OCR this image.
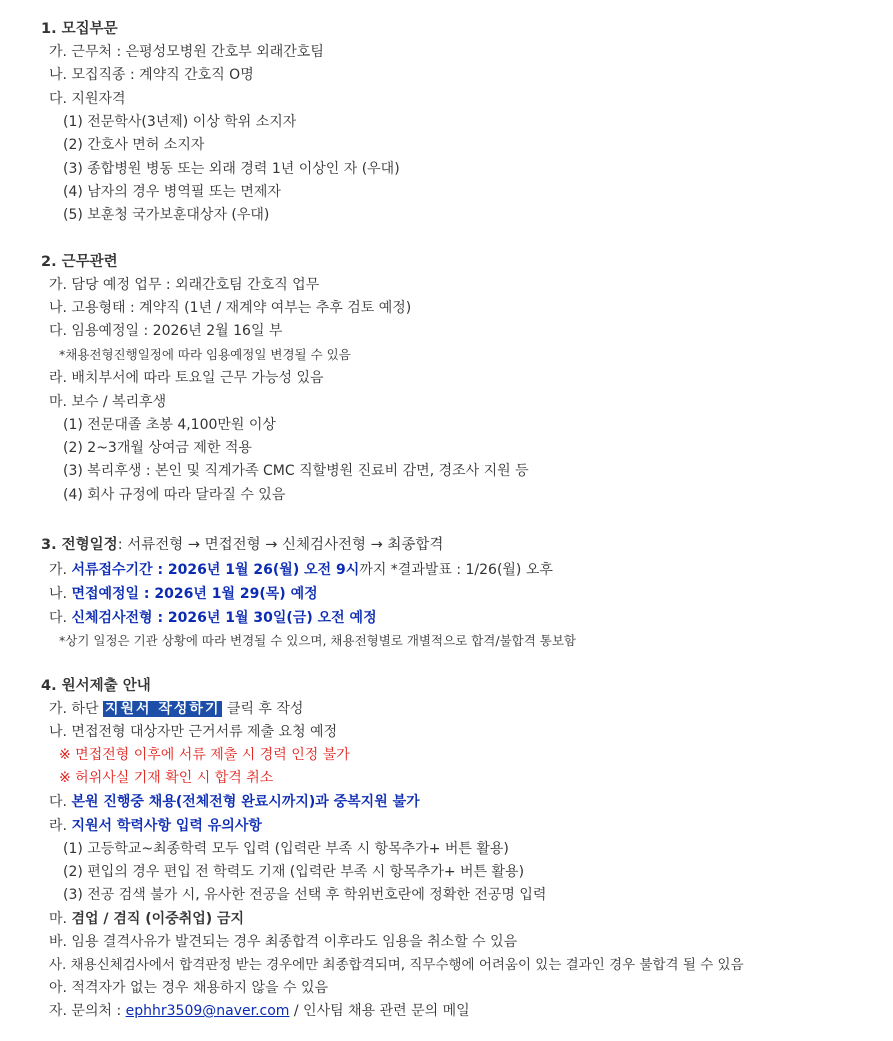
1. 모집부문
가. 근무처 : 은평성모병원 간호부 외래간호팀
나. 모집직종 : 계약직 간호직 O명
다. 지원자격
(1) 전문학사(3년제) 이상 학위 소지자
(2) 간호사 면허 소지자
(3) 종합병원 병동 또는 외래 경력 1년 이상인 자 (우대)
(4) 남자의 경우 병역필 또는 면제자
(5) 보훈청 국가보훈대상자 (우대)
2. 근무관련
가. 담당 예정 업무 : 외래간호팀 간호직 업무
나. 고용형태 : 계약직 (1년 / 재계약 여부는 추후 검토 예정)
다. 임용예정일 : 2026년 2월 16일 부
*채용전형진행일정에 따라 임용예정일 변경될 수 있음
라. 배치부서에 따라 토요일 근무 가능성 있음
마. 보수 / 복리후생
(1) 전문대졸 초봉 4,100만원 이상
(2) 2~3개월 상여금 제한 적용
(3) 복리후생 : 본인 및 직계가족 CMC 직할병원 진료비 감면, 경조사 지원 등
(4) 회사 규정에 따라 달라질 수 있음
3. 전형일정: 서류전형 → 면접전형 → 신체검사전형 → 최종합격
가. 서류접수기간 : 2026년 1월 26(월) 오전 9시까지 *결과발표 : 1/26(월) 오후
나. 면접예정일 : 2026년 1월 29(목) 예정
다. 신체검사전형 : 2026년 1월 30일(금) 오전 예정
*상기 일정은 기관 상황에 따라 변경될 수 있으며, 채용전형별로 개별적으로 합격/불합격 통보함
4. 원서제출 안내
가. 하단 지원서 작성하기 클릭 후 작성
나. 면접전형 대상자만 근거서류 제출 요청 예정
※ 면접전형 이후에 서류 제출 시 경력 인정 불가
※ 허위사실 기재 확인 시 합격 취소
다. 본원 진행중 채용(전체전형 완료시까지)과 중복지원 불가
라. 지원서 학력사항 입력 유의사항
(1) 고등학교~최종학력 모두 입력 (입력란 부족 시 항목추가+ 버튼 활용)
(2) 편입의 경우 편입 전 학력도 기재 (입력란 부족 시 항목추가+ 버튼 활용)
(3) 전공 검색 불가 시, 유사한 전공을 선택 후 학위번호란에 정확한 전공명 입력
마. 겸업 / 겸직 (이중취업) 금지
바. 임용 결격사유가 발견되는 경우 최종합격 이후라도 임용을 취소할 수 있음
사. 채용신체검사에서 합격판정 받는 경우에만 최종합격되며, 직무수행에 어려움이 있는 결과인 경우 불합격 될 수 있음
아. 적격자가 없는 경우 채용하지 않을 수 있음
자. 문의처 : ephhr3509@naver.com / 인사팀 채용 관련 문의 메일
